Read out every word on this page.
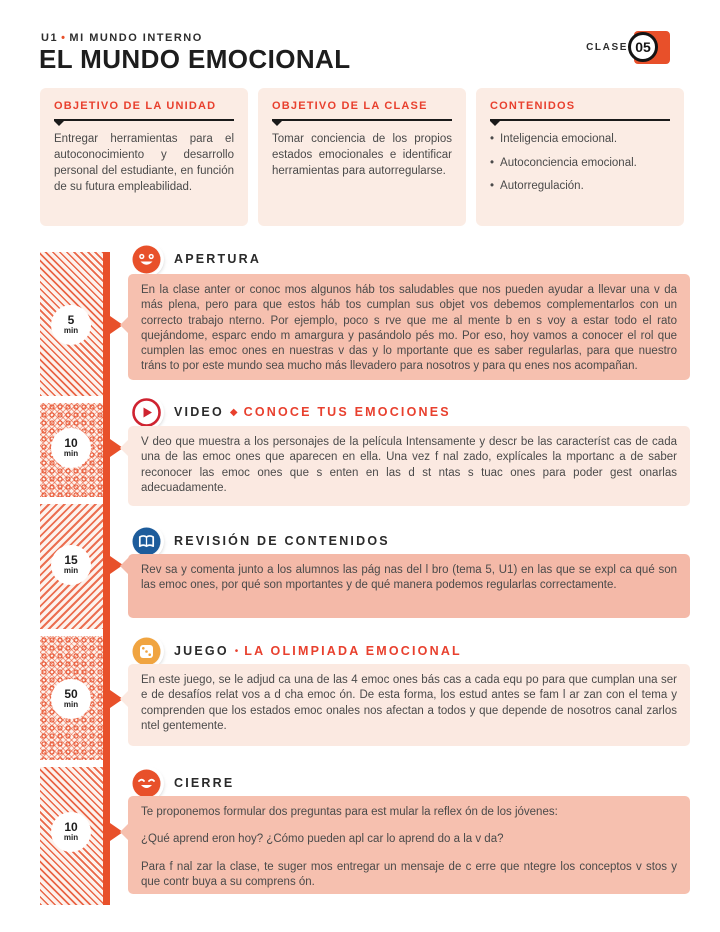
U1 • MI MUNDO INTERNO
EL MUNDO EMOCIONAL	CLASE 05
OBJETIVO DE LA UNIDAD

Entregar herramientas para el autoconocimiento y desarrollo personal del estudiante, en función de su futura empleabilidad.

OBJETIVO DE LA CLASE

Tomar conciencia de los propios estados emocionales e identificar herramientas para autorregularse.

CONTENIDOS
• Inteligencia emocional.
• Autoconciencia emocional.
• Autorregulación.
5
min
10
min
15
min
50
min
10
min
APERTURA

En la clase anter or conoc mos algunos háb tos saludables que nos pueden ayudar a llevar una v da más plena, pero para que estos háb tos cumplan sus objet vos debemos complementarlos con un correcto trabajo nterno. Por ejemplo, poco s rve que me al mente b en s voy a estar todo el rato quejándome, esparc endo m amargura y pasándolo pés mo. Por eso, hoy vamos a conocer el rol que cumplen las emoc ones en nuestras v das y lo mportante que es saber regularlas, para que nuestro tráns to por este mundo sea mucho más llevadero para nosotros y para qu enes nos acompañan.

VIDEO ◆ CONOCE TUS EMOCIONES

V deo que muestra a los personajes de la película Intensamente y descr be las característ cas de cada una de las emoc ones que aparecen en ella. Una vez f nal zado, explícales la mportanc a de saber reconocer las emoc ones que s enten en las d st ntas s tuac ones para poder gest onarlas adecuadamente.

REVISIÓN DE CONTENIDOS

Rev sa y comenta junto a los alumnos las pág nas del l bro (tema 5, U1) en las que se expl ca qué son las emoc ones, por qué son mportantes y de qué manera podemos regularlas correctamente.

JUEGO • LA OLIMPIADA EMOCIONAL

En este juego, se le adjud ca una de las 4 emoc ones bás cas a cada equ po para que cumplan una ser e de desafíos relat vos a d cha emoc ón. De esta forma, los estud antes se fam l ar zan con el tema y comprenden que los estados emoc onales nos afectan a todos y que depende de nosotros canal zarlos ntel gentemente.

CIERRE

Te proponemos formular dos preguntas para est mular la reflex ón de los jóvenes:

¿Qué aprend eron hoy? ¿Cómo pueden apl car lo aprend do a la v da?

Para f nal zar la clase, te suger mos entregar un mensaje de c erre que ntegre los conceptos v stos y que contr buya a su comprens ón.
